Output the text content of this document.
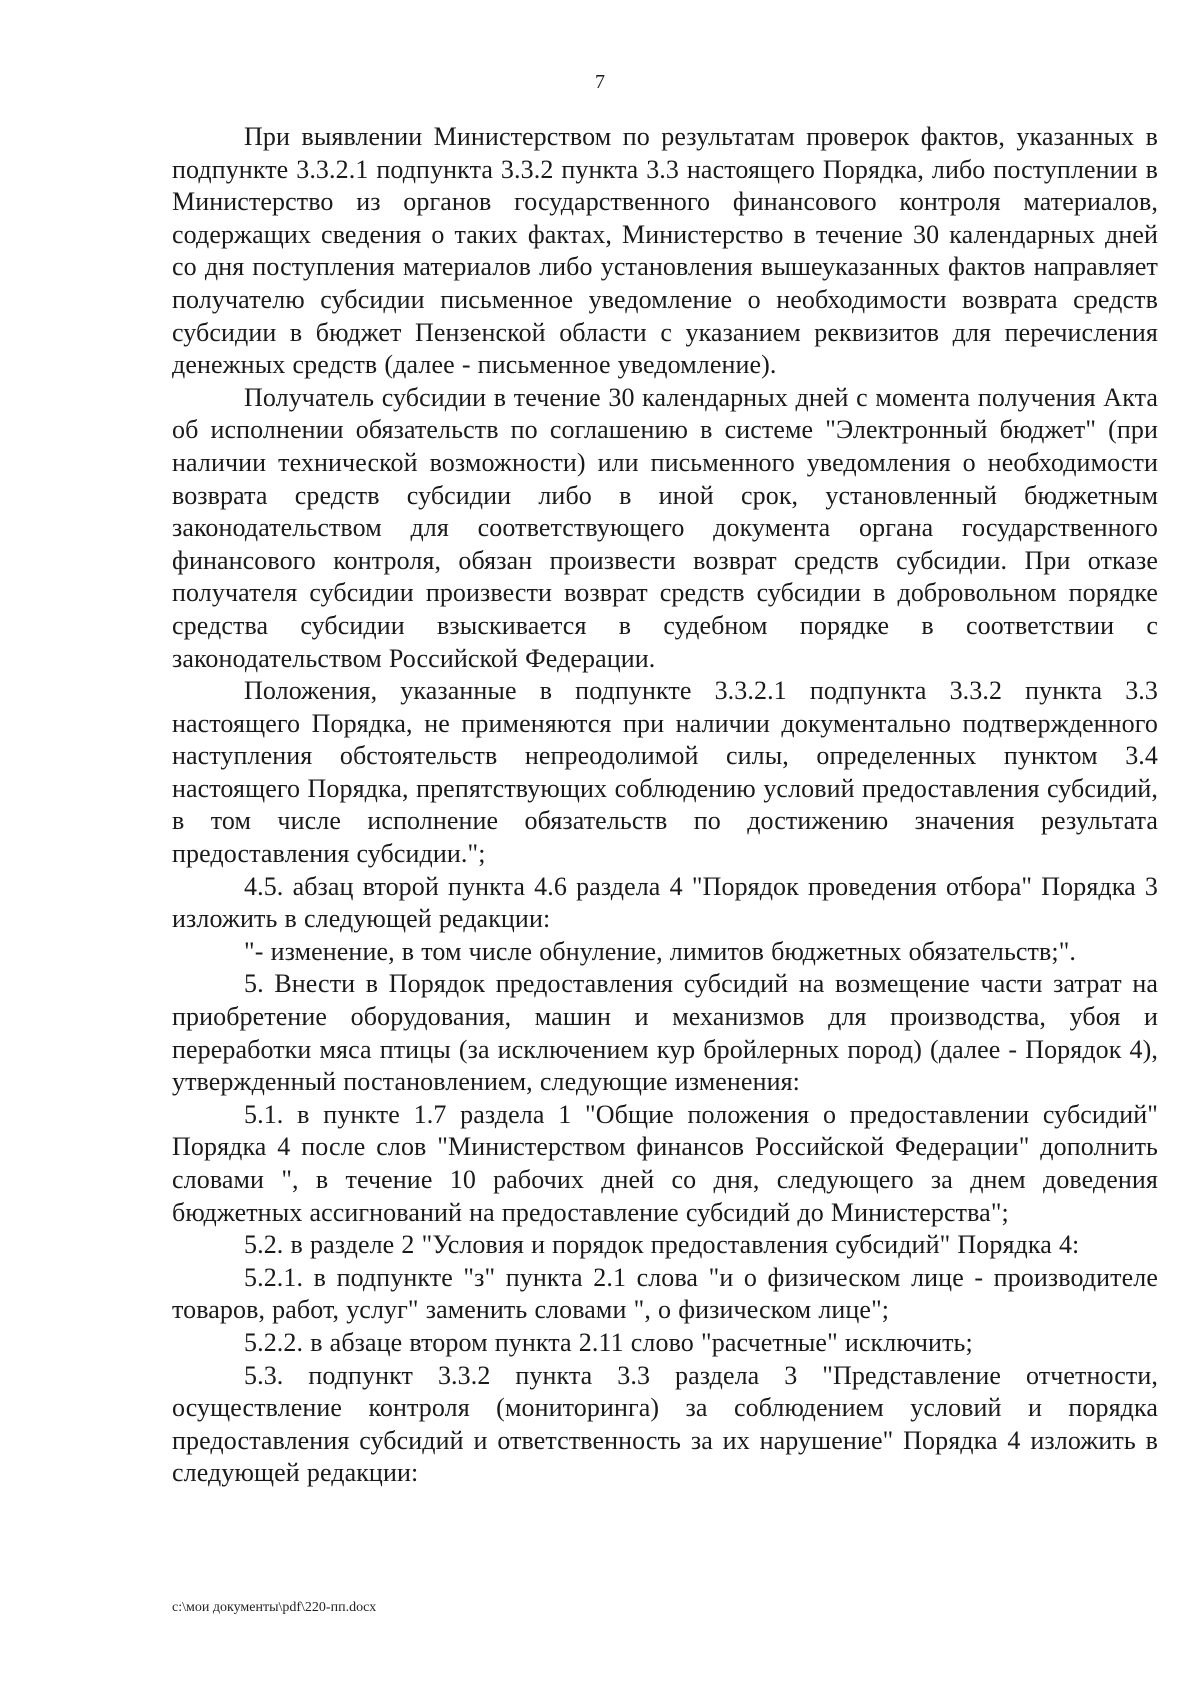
7

При выявлении Министерством по результатам проверок фактов, указанных в подпункте 3.3.2.1 подпункта 3.3.2 пункта 3.3 настоящего Порядка, либо поступлении в Министерство из органов государственного финансового контроля материалов, содержащих сведения о таких фактах, Министерство в течение 30 календарных дней со дня поступления материалов либо установления вышеуказанных фактов направляет получателю субсидии письменное уведомление о необходимости возврата средств субсидии в бюджет Пензенской области с указанием реквизитов для перечисления денежных средств (далее - письменное уведомление).

Получатель субсидии в течение 30 календарных дней с момента получения Акта об исполнении обязательств по соглашению в системе "Электронный бюджет" (при наличии технической возможности) или письменного уведомления о необходимости возврата средств субсидии либо в иной срок, установленный бюджетным законодательством для соответствующего документа органа государственного финансового контроля, обязан произвести возврат средств субсидии. При отказе получателя субсидии произвести возврат средств субсидии в добровольном порядке средства субсидии взыскивается в судебном порядке в соответствии с законодательством Российской Федерации.

Положения, указанные в подпункте 3.3.2.1 подпункта 3.3.2 пункта 3.3 настоящего Порядка, не применяются при наличии документально подтвержденного наступления обстоятельств непреодолимой силы, определенных пунктом 3.4 настоящего Порядка, препятствующих соблюдению условий предоставления субсидий, в том числе исполнение обязательств по достижению значения результата предоставления субсидии.";

4.5. абзац второй пункта 4.6 раздела 4 "Порядок проведения отбора" Порядка 3 изложить в следующей редакции:

"- изменение, в том числе обнуление, лимитов бюджетных обязательств;".

5. Внести в Порядок предоставления субсидий на возмещение части затрат на приобретение оборудования, машин и механизмов для производства, убоя и переработки мяса птицы (за исключением кур бройлерных пород) (далее - Порядок 4), утвержденный постановлением, следующие изменения:

5.1. в пункте 1.7 раздела 1 "Общие положения о предоставлении субсидий" Порядка 4 после слов "Министерством финансов Российской Федерации" дополнить словами ", в течение 10 рабочих дней со дня, следующего за днем доведения бюджетных ассигнований на предоставление субсидий до Министерства";

5.2. в разделе 2 "Условия и порядок предоставления субсидий" Порядка 4:

5.2.1. в подпункте "з" пункта 2.1 слова "и о физическом лице - производителе товаров, работ, услуг" заменить словами ", о физическом лице";

5.2.2. в абзаце втором пункта 2.11 слово "расчетные" исключить;

5.3. подпункт 3.3.2 пункта 3.3 раздела 3 "Представление отчетности, осуществление контроля (мониторинга) за соблюдением условий и порядка предоставления субсидий и ответственность за их нарушение" Порядка 4 изложить в следующей редакции:

c:\мои документы\pdf\220-пп.docx
